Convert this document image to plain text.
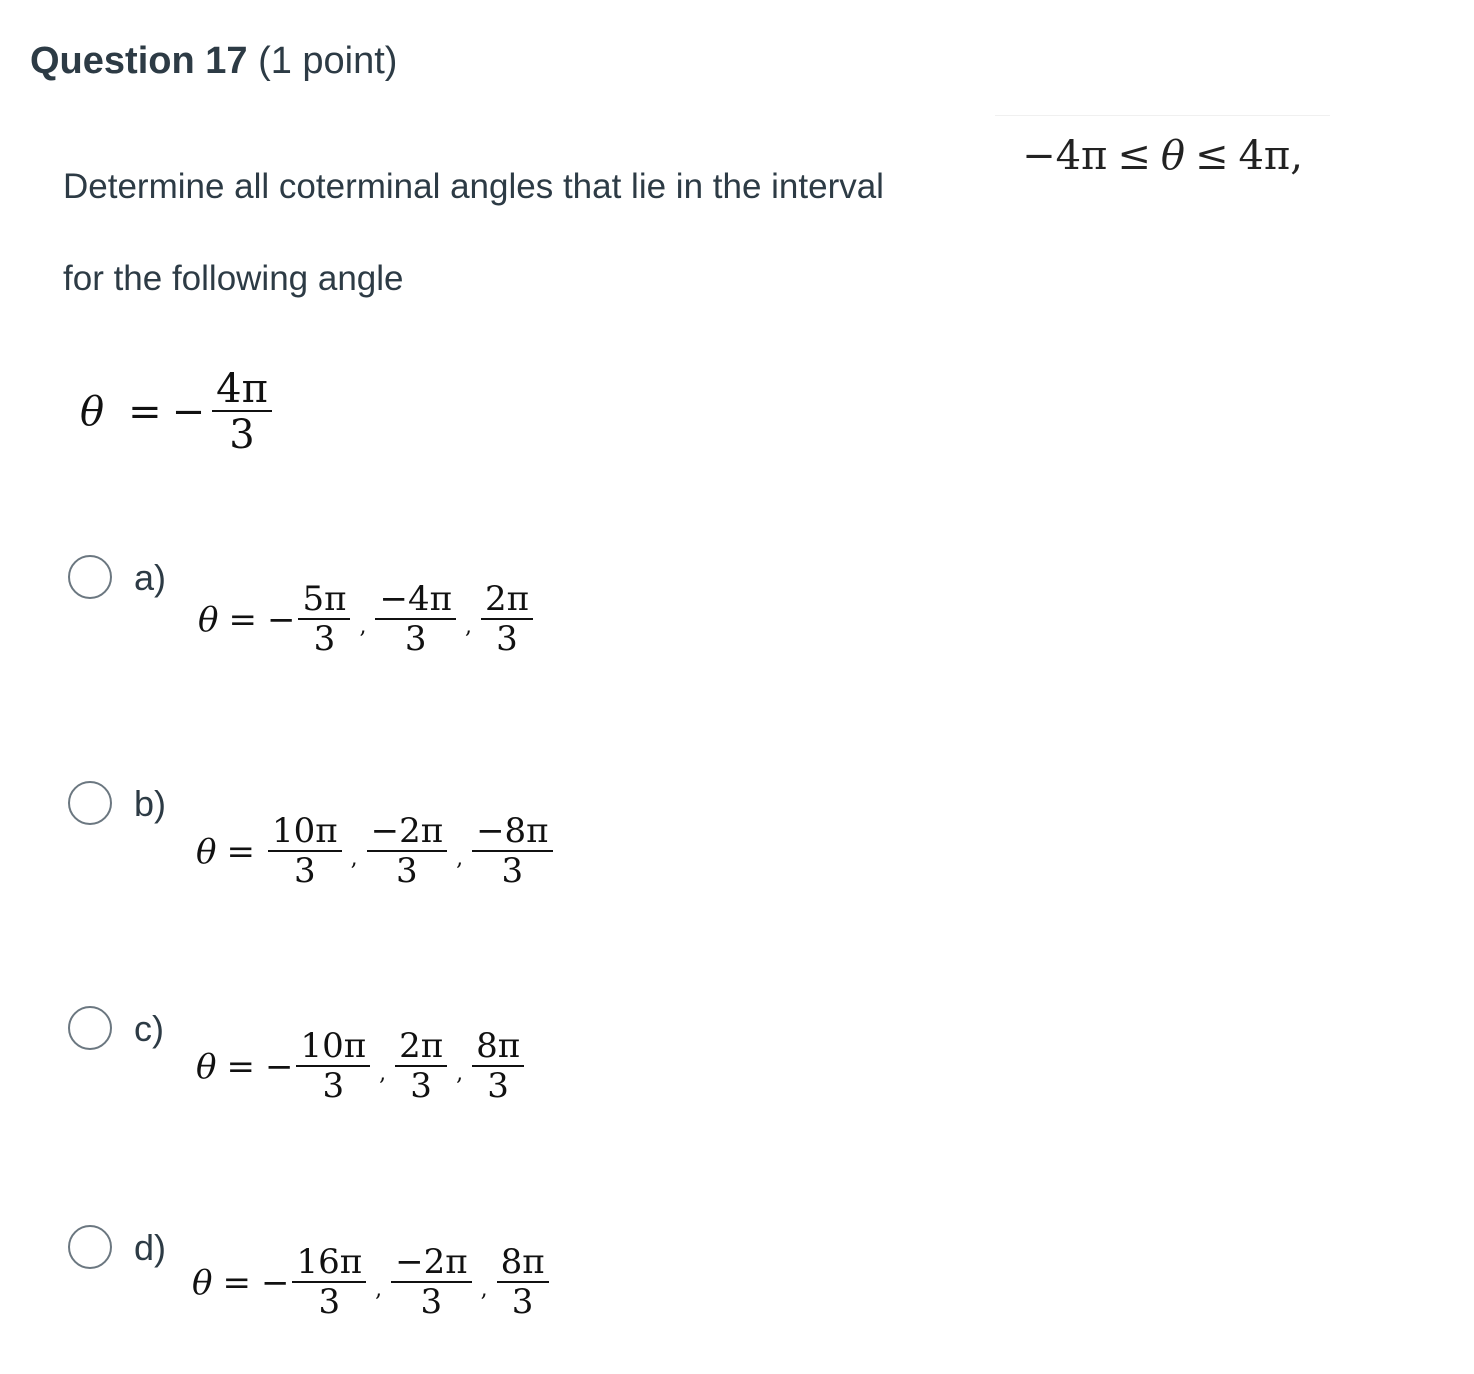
Question 17 (1 point)
Determine all coterminal angles that lie in the interval
for the following angle
−4π ≤ θ ≤ 4π,
θ = − $\frac{4\pi}{3}$
a)
θ = − $\frac{5\pi}{3}$ , $\frac{-4\pi}{3}$ , $\frac{2\pi}{3}$
b)
$\theta = \frac{10\pi}{3}$ , $\frac{-2\pi}{3}$ , $\frac{-8\pi}{3}$
c)
θ = − $\frac{10\pi}{3}$ , $\frac{2\pi}{3}$ , $\frac{8\pi}{3}$
d)
θ = − $\frac{16\pi}{3}$ , $\frac{-2\pi}{3}$ , $\frac{8\pi}{3}$
